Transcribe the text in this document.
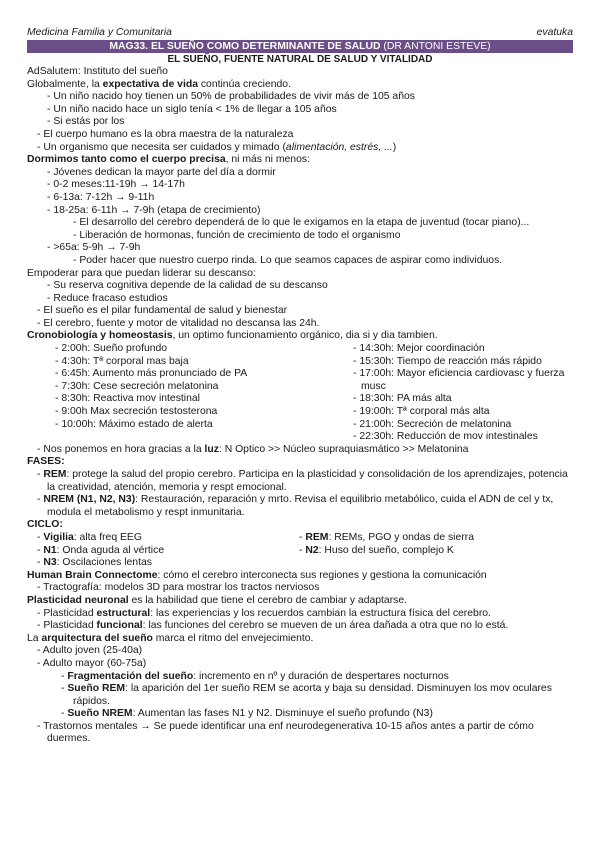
Medicina Familia y Comunitaria	evatuka
MAG33. EL SUEÑO COMO DETERMINANTE DE SALUD (DR ANTONI ESTEVE)
EL SUEÑO, FUENTE NATURAL DE SALUD Y VITALIDAD
AdSalutem: Instituto del sueño
Globalmente, la expectativa de vida continúa creciendo.
- Un niño nacido hoy tienen un 50% de probabilidades de vivir más de 105 años
- Un niño nacido hace un siglo tenía < 1% de llegar a 105 años
- Si estás por los
- El cuerpo humano es la obra maestra de la naturaleza
- Un organismo que necesita ser cuidados y mimado (alimentación, estrés, ...)
Dormimos tanto como el cuerpo precisa, ni más ni menos:
- Jóvenes dedican la mayor parte del día a dormir
- 0-2 meses:11-19h → 14-17h
- 6-13a: 7-12h → 9-11h
- 18-25a: 6-11h → 7-9h (etapa de crecimiento)
- El desarrollo del cerebro dependerá de lo que le exigamos en la etapa de juventud (tocar piano)...
- Liberación de hormonas, función de crecimiento de todo el organismo
- >65a: 5-9h → 7-9h
- Poder hacer que nuestro cuerpo rinda. Lo que seamos capaces de aspirar como individuos.
Empoderar para que puedan liderar su descanso:
- Su reserva cognitiva depende de la calidad de su descanso
- Reduce fracaso estudios
- El sueño es el pilar fundamental de salud y bienestar
- El cerebro, fuente y motor de vitalidad no descansa las 24h.
Cronobiología y homeostasis, un optimo funcionamiento orgánico, dia si y dia tambien.
- 2:00h: Sueño profundo
- 4:30h: Tª corporal mas baja
- 6:45h: Aumento más pronunciado de PA
- 7:30h: Cese secreción melatonina
- 8:30h: Reactiva mov intestinal
- 9:00h Max secreción testosterona
- 10:00h: Máximo estado de alerta
- 14:30h: Mejor coordinación
- 15:30h: Tiempo de reacción más rápido
- 17:00h: Mayor eficiencia cardiovasc y fuerza musc
- 18:30h: PA más alta
- 19:00h: Tª corporal más alta
- 21:00h: Secreción de melatonina
- 22:30h: Reducción de mov intestinales
- Nos ponemos en hora gracias a la luz: N Optico >> Núcleo supraquiasmático >> Melatonina
FASES:
- REM: protege la salud del propio cerebro. Participa en la plasticidad y consolidación de los aprendizajes, potencia la creatividad, atención, memoria y respt emocional.
- NREM (N1, N2, N3): Restauración, reparación y mrto. Revisa el equilibrio metabólico, cuida el ADN de cel y tx, modula el metabolismo y respt inmunitaria.
CICLO:
- Vigilia: alta freq EEG	- REM: REMs, PGO y ondas de sierra
- N1: Onda aguda al vértice	- N2: Huso del sueño, complejo K
- N3: Oscilaciones lentas
Human Brain Connectome: cómo el cerebro interconecta sus regiones y gestiona la comunicación
- Tractografía: modelos 3D para mostrar los tractos nerviosos
Plasticidad neuronal es la habilidad que tiene el cerebro de cambiar y adaptarse.
- Plasticidad estructural: las experiencias y los recuerdos cambian la estructura física del cerebro.
- Plasticidad funcional: las funciones del cerebro se mueven de un área dañada a otra que no lo está.
La arquitectura del sueño marca el ritmo del envejecimiento.
- Adulto joven (25-40a)
- Adulto mayor (60-75a)
- Fragmentación del sueño: incremento en nº y duración de despertares nocturnos
- Sueño REM: la aparición del 1er sueño REM se acorta y baja su densidad. Disminuyen los mov oculares rápidos.
- Sueño NREM: Aumentan las fases N1 y N2. Disminuye el sueño profundo (N3)
- Trastornos mentales → Se puede identificar una enf neurodegenerativa 10-15 años antes a partir de cómo duermes.
